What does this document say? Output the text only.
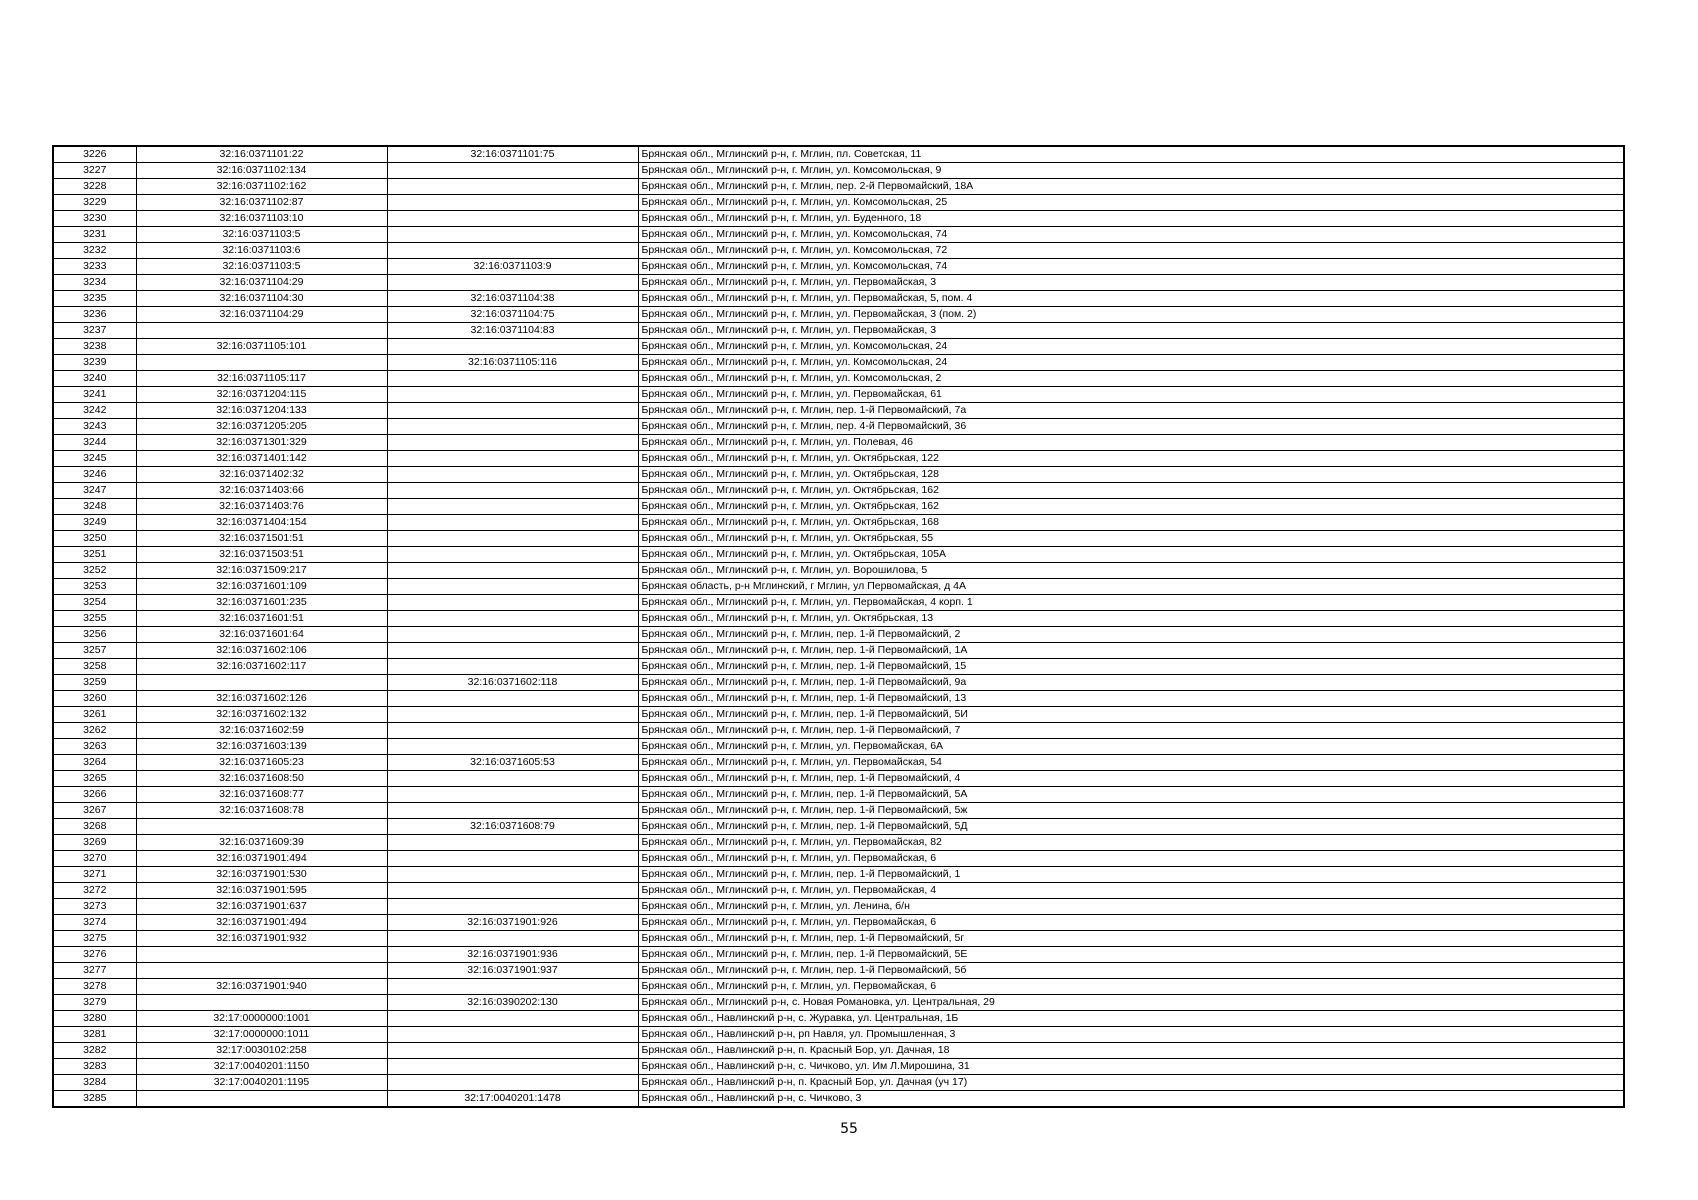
3226	32:16:0371101:22	32:16:0371101:75	Брянская обл., Мглинский р-н, г. Мглин, пл. Советская, 11
3227	32:16:0371102:134		Брянская обл., Мглинский р-н, г. Мглин, ул. Комсомольская, 9
3228	32:16:0371102:162		Брянская обл., Мглинский р-н, г. Мглин, пер. 2-й Первомайский, 18А
3229	32:16:0371102:87		Брянская обл., Мглинский р-н, г. Мглин, ул. Комсомольская, 25
3230	32:16:0371103:10		Брянская обл., Мглинский р-н, г. Мглин, ул. Буденного, 18
3231	32:16:0371103:5		Брянская обл., Мглинский р-н, г. Мглин, ул. Комсомольская, 74
3232	32:16:0371103:6		Брянская обл., Мглинский р-н, г. Мглин, ул. Комсомольская, 72
3233	32:16:0371103:5	32:16:0371103:9	Брянская обл., Мглинский р-н, г. Мглин, ул. Комсомольская, 74
3234	32:16:0371104:29		Брянская обл., Мглинский р-н, г. Мглин, ул. Первомайская, 3
3235	32:16:0371104:30	32:16:0371104:38	Брянская обл., Мглинский р-н, г. Мглин, ул. Первомайская, 5, пом. 4
3236	32:16:0371104:29	32:16:0371104:75	Брянская обл., Мглинский р-н, г. Мглин, ул. Первомайская, 3 (пом. 2)
3237		32:16:0371104:83	Брянская обл., Мглинский р-н, г. Мглин, ул. Первомайская, 3
3238	32:16:0371105:101		Брянская обл., Мглинский р-н, г. Мглин, ул. Комсомольская, 24
3239		32:16:0371105:116	Брянская обл., Мглинский р-н, г. Мглин, ул. Комсомольская, 24
3240	32:16:0371105:117		Брянская обл., Мглинский р-н, г. Мглин, ул. Комсомольская, 2
3241	32:16:0371204:115		Брянская обл., Мглинский р-н, г. Мглин, ул. Первомайская, 61
3242	32:16:0371204:133		Брянская обл., Мглинский р-н, г. Мглин, пер. 1-й Первомайский, 7а
3243	32:16:0371205:205		Брянская обл., Мглинский р-н, г. Мглин, пер. 4-й Первомайский, 36
3244	32:16:0371301:329		Брянская обл., Мглинский р-н, г. Мглин, ул. Полевая, 46
3245	32:16:0371401:142		Брянская обл., Мглинский р-н, г. Мглин, ул. Октябрьская, 122
3246	32:16:0371402:32		Брянская обл., Мглинский р-н, г. Мглин, ул. Октябрьская, 128
3247	32:16:0371403:66		Брянская обл., Мглинский р-н, г. Мглин, ул. Октябрьская, 162
3248	32:16:0371403:76		Брянская обл., Мглинский р-н, г. Мглин, ул. Октябрьская, 162
3249	32:16:0371404:154		Брянская обл., Мглинский р-н, г. Мглин, ул. Октябрьская, 168
3250	32:16:0371501:51		Брянская обл., Мглинский р-н, г. Мглин, ул. Октябрьская, 55
3251	32:16:0371503:51		Брянская обл., Мглинский р-н, г. Мглин, ул. Октябрьская, 105А
3252	32:16:0371509:217		Брянская обл., Мглинский р-н, г. Мглин, ул. Ворошилова, 5
3253	32:16:0371601:109		Брянская область, р-н Мглинский, г Мглин, ул Первомайская, д 4А
3254	32:16:0371601:235		Брянская обл., Мглинский р-н, г. Мглин, ул. Первомайская, 4 корп. 1
3255	32:16:0371601:51		Брянская обл., Мглинский р-н, г. Мглин, ул. Октябрьская, 13
3256	32:16:0371601:64		Брянская обл., Мглинский р-н, г. Мглин, пер. 1-й Первомайский, 2
3257	32:16:0371602:106		Брянская обл., Мглинский р-н, г. Мглин, пер. 1-й Первомайский, 1А
3258	32:16:0371602:117		Брянская обл., Мглинский р-н, г. Мглин, пер. 1-й Первомайский, 15
3259		32:16:0371602:118	Брянская обл., Мглинский р-н, г. Мглин, пер. 1-й Первомайский, 9а
3260	32:16:0371602:126		Брянская обл., Мглинский р-н, г. Мглин, пер. 1-й Первомайский, 13
3261	32:16:0371602:132		Брянская обл., Мглинский р-н, г. Мглин, пер. 1-й Первомайский, 5И
3262	32:16:0371602:59		Брянская обл., Мглинский р-н, г. Мглин, пер. 1-й Первомайский, 7
3263	32:16:0371603:139		Брянская обл., Мглинский р-н, г. Мглин, ул. Первомайская, 6А
3264	32:16:0371605:23	32:16:0371605:53	Брянская обл., Мглинский р-н, г. Мглин, ул. Первомайская, 54
3265	32:16:0371608:50		Брянская обл., Мглинский р-н, г. Мглин, пер. 1-й Первомайский, 4
3266	32:16:0371608:77		Брянская обл., Мглинский р-н, г. Мглин, пер. 1-й Первомайский, 5А
3267	32:16:0371608:78		Брянская обл., Мглинский р-н, г. Мглин, пер. 1-й Первомайский, 5ж
3268		32:16:0371608:79	Брянская обл., Мглинский р-н, г. Мглин, пер. 1-й Первомайский, 5Д
3269	32:16:0371609:39		Брянская обл., Мглинский р-н, г. Мглин, ул. Первомайская, 82
3270	32:16:0371901:494		Брянская обл., Мглинский р-н, г. Мглин, ул. Первомайская, 6
3271	32:16:0371901:530		Брянская обл., Мглинский р-н, г. Мглин, пер. 1-й Первомайский, 1
3272	32:16:0371901:595		Брянская обл., Мглинский р-н, г. Мглин, ул. Первомайская, 4
3273	32:16:0371901:637		Брянская обл., Мглинский р-н, г. Мглин, ул. Ленина, б/н
3274	32:16:0371901:494	32:16:0371901:926	Брянская обл., Мглинский р-н, г. Мглин, ул. Первомайская, 6
3275	32:16:0371901:932		Брянская обл., Мглинский р-н, г. Мглин, пер. 1-й Первомайский, 5г
3276		32:16:0371901:936	Брянская обл., Мглинский р-н, г. Мглин, пер. 1-й Первомайский, 5Е
3277		32:16:0371901:937	Брянская обл., Мглинский р-н, г. Мглин, пер. 1-й Первомайский, 5б
3278	32:16:0371901:940		Брянская обл., Мглинский р-н, г. Мглин, ул. Первомайская, 6
3279		32:16:0390202:130	Брянская обл., Мглинский р-н, с. Новая Романовка, ул. Центральная, 29
3280	32:17:0000000:1001		Брянская обл., Навлинский р-н, с. Журавка, ул. Центральная, 1Б
3281	32:17:0000000:1011		Брянская обл., Навлинский р-н, рп Навля, ул. Промышленная, 3
3282	32:17:0030102:258		Брянская обл., Навлинский р-н, п. Красный Бор, ул. Дачная, 18
3283	32:17:0040201:1150		Брянская обл., Навлинский р-н, с. Чичково, ул. Им Л.Мирошина, 31
3284	32:17:0040201:1195		Брянская обл., Навлинский р-н, п. Красный Бор, ул. Дачная (уч 17)
3285		32:17:0040201:1478	Брянская обл., Навлинский р-н, с. Чичково, 3
55
